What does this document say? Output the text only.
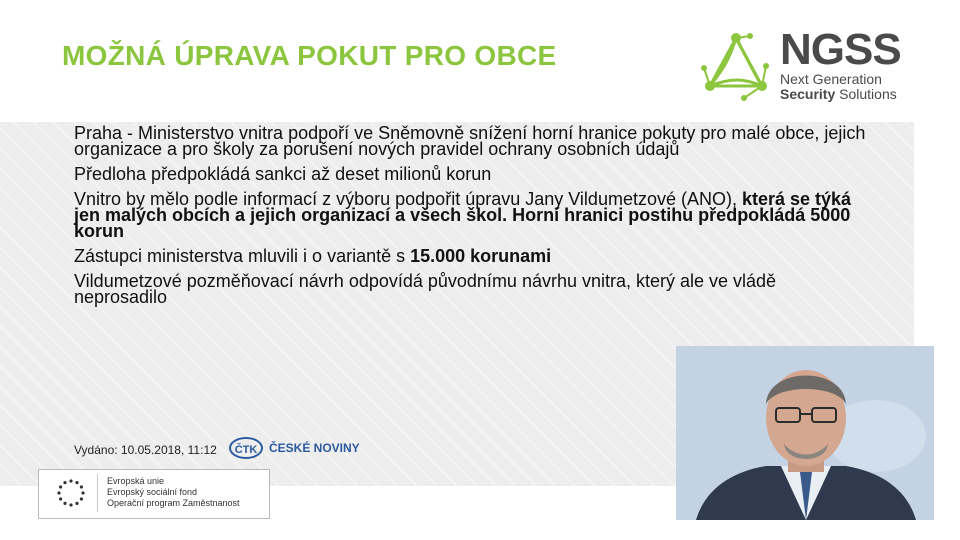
MOŽNÁ ÚPRAVA POKUT PRO OBCE	NGSS
Next Generation
Security Solutions

Praha - Ministerstvo vnitra podpoří ve Sněmovně snížení horní hranice pokuty pro malé obce, jejich organizace a pro školy za porušení nových pravidel ochrany osobních údajů

Předloha předpokládá sankci až deset milionů korun

Vnitro by mělo podle informací z výboru podpořit úpravu Jany Vildumetzové (ANO), která se týká jen malých obcích a jejich organizací a všech škol. Horní hranici postihu předpokládá 5000 korun

Zástupci ministerstva mluvili i o variantě s 15.000 korunami

Vildumetzové pozměňovací návrh odpovídá původnímu návrhu vnitra, který ale ve vládě neprosadilo

Vydáno: 10.05.2018, 11:12	ČTK ČESKÉ NOVINY
Evropská unie
Evropský sociální fond
Operační program Zaměstnanost
